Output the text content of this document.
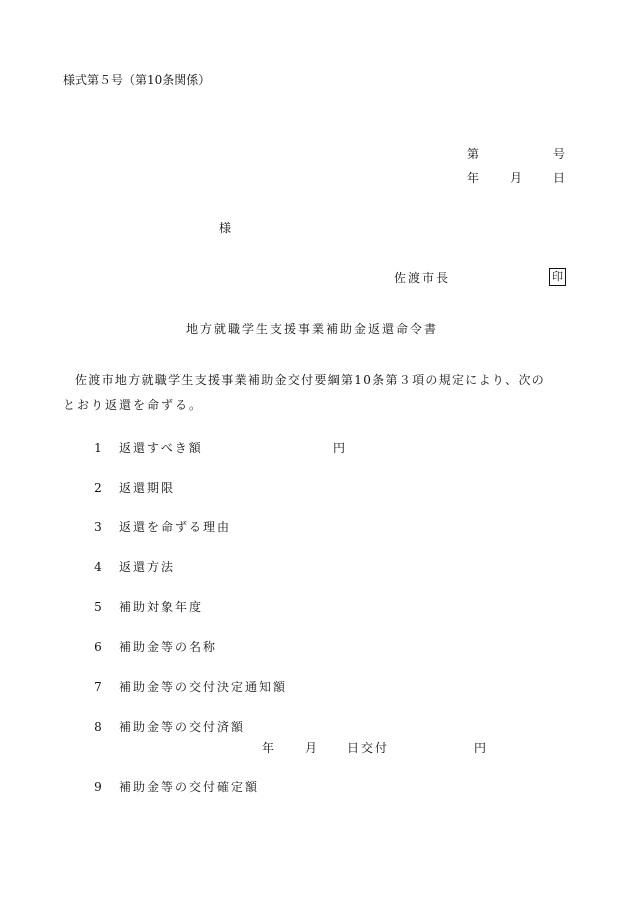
様式第５号（第10条関係）
第	号
年	月	日
様
佐渡市長	印
地方就職学生支援事業補助金返還命令書
佐渡市地方就職学生支援事業補助金交付要綱第10条第３項の規定により、次の
とおり返還を命ずる。
1 返還すべき額	円
2 返還期限
3 返還を命ずる理由
4 返還方法
5 補助対象年度
6 補助金等の名称
7 補助金等の交付決定通知額
8 補助金等の交付済額
年	月 日交付	円
9 補助金等の交付確定額
